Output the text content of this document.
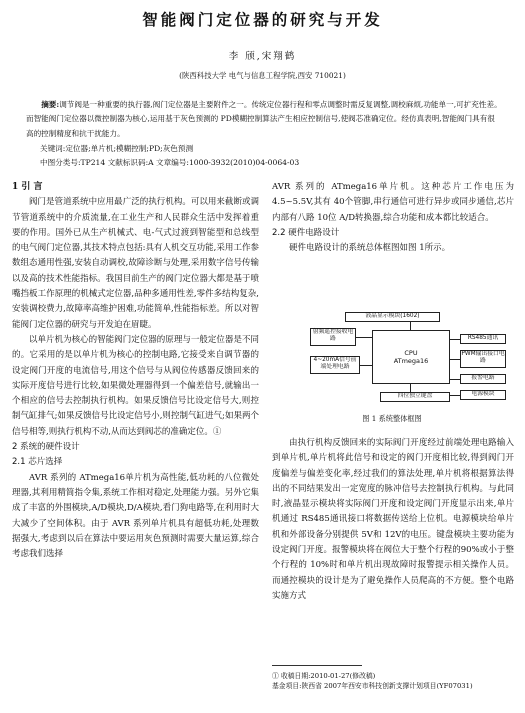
智能阀门定位器的研究与开发
李 颀,宋翔鹤
(陕西科技大学 电气与信息工程学院,西安 710021)

摘要:调节阀是一种重要的执行器,阀门定位器是主要附件之一。传统定位器行程和零点调整时需反复调整,调校麻烦,功能单一,可扩充性差。而智能阀门定位器以微控制器为核心,运用基于灰色预测的 PD模糊控制算法产生相应控制信号,使阀芯准确定位。经仿真表明,智能阀门具有很高的控制精度和抗干扰能力。

关键词:定位器;单片机;模糊控制;PD;灰色预测

中图分类号:TP214 文献标识码:A 文章编号:1000-3932(2010)04-0064-03

1 引 言

阀门是管道系统中应用最广泛的执行机构。可以用来截断或调节管道系统中的介质流量,在工业生产和人民群众生活中发挥着重要的作用。国外已从生产机械式、电-气式过渡到智能型和总线型的电气阀门定位器,其技术特点包括:具有人机交互功能,采用工作参数组态通用性强,安装自动调校,故障诊断与处理,采用数字信号传输以及高的技术性能指标。我国目前生产的阀门定位器大都是基于喷嘴挡板工作原理的机械式定位器,品种多通用性差,零件多结构复杂,安装调校费力,故障率高维护困难,功能简单,性能指标差。所以对智能阀门定位器的研究与开发迫在眉睫。

以单片机为核心的智能阀门定位器的原理与一般定位器是不同的。它采用的是以单片机为核心的控制电路,它接受来自调节器的设定阀门开度的电流信号,用这个信号与从阀位传感器反馈回来的实际开度信号进行比较,如果微处理器得到一个偏差信号,就输出一个相应的信号去控制执行机构。如果反馈信号比设定信号大,则控制气缸排气;如果反馈信号比设定信号小,则控制气缸进气;如果两个信号相等,则执行机构不动,从而达到阀芯的准确定位。①

2 系统的硬件设计

2.1 芯片选择

AVR 系列的 ATmega16单片机为高性能,低功耗的八位微处理器,其利用精简指令集,系统工作相对稳定,处理能力强。另外它集成了丰富的外围模块,A/D模块,D/A模块,看门狗电路等,在利用时大大减少了空间体积。由于 AVR 系列单片机具有超低功耗,处理数据强大,考虑到以后在算法中要运用灰色预测时需要大量运算,综合考虑我们选择

AVR 系列的 ATmega16单片机。这种芯片工作电压为 4.5~5.5V,其有 40个管脚,串行通信可进行异步或同步通信,芯片内部有八路 10位 A/D转换器,综合功能和成本都比较适合。

2.2 硬件电路设计

硬件电路设计的系统总体框图如图 1所示。

液晶显示模块(1602)
射频遥控接收电路	RS485通讯
CPU
ATmega16
PWM输出接口电路
4~20mA信号前端处理电路
报警电路
电源模块
四位独立键盘
图 1 系统整体框图

由执行机构反馈回来的实际阀门开度经过前端处理电路输入到单片机,单片机将此信号和设定的阀门开度相比较,得到阀门开度偏差与偏差变化率,经过我们的算法处理,单片机将根据算法得出的不同结果发出一定宽度的脉冲信号去控制执行机构。与此同时,液晶显示模块将实际阀门开度和设定阀门开度显示出来,单片机通过 RS485通讯接口将数据传送给上位机。电源模块给单片机和外部设备分别提供 5V和 12V的电压。键盘模块主要功能为设定阀门开度。报警模块将在阀位大于整个行程的90%或小于整个行程的 10%时和单片机出现故障时报警提示相关操作人员。而通控模块的设计是为了避免操作人员爬高的不方便。整个电路实施方式

① 收稿日期:2010-01-27(修改稿)
基金项目:陕西省 2007年西安市科技创新支撑计划项目(YF07031)
